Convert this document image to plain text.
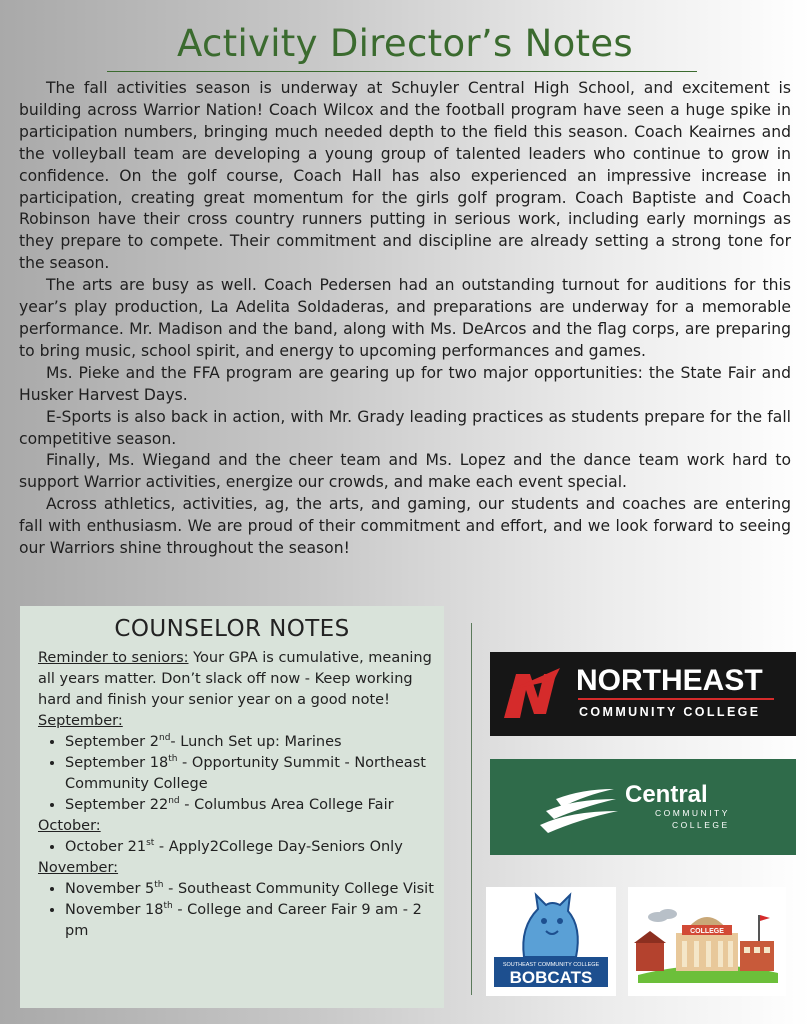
Activity Director’s Notes

The fall activities season is underway at Schuyler Central High School, and excitement is building across Warrior Nation! Coach Wilcox and the football program have seen a huge spike in participation numbers, bringing much needed depth to the field this season. Coach Keairnes and the volleyball team are developing a young group of talented leaders who continue to grow in confidence. On the golf course, Coach Hall has also experienced an impressive increase in participation, creating great momentum for the girls golf program. Coach Baptiste and Coach Robinson have their cross country runners putting in serious work, including early mornings as they prepare to compete. Their commitment and discipline are already setting a strong tone for the season.

The arts are busy as well. Coach Pedersen had an outstanding turnout for auditions for this year’s play production, La Adelita Soldaderas, and preparations are underway for a memorable performance. Mr. Madison and the band, along with Ms. DeArcos and the flag corps, are preparing to bring music, school spirit, and energy to upcoming performances and games.

Ms. Pieke and the FFA program are gearing up for two major opportunities: the State Fair and Husker Harvest Days.

E-Sports is also back in action, with Mr. Grady leading practices as students prepare for the fall competitive season.

Finally, Ms. Wiegand and the cheer team and Ms. Lopez and the dance team work hard to support Warrior activities, energize our crowds, and make each event special.

Across athletics, activities, ag, the arts, and gaming, our students and coaches are entering fall with enthusiasm. We are proud of their commitment and effort, and we look forward to seeing our Warriors shine throughout the season!

COUNSELOR NOTES

Reminder to seniors: Your GPA is cumulative, meaning all years matter. Don’t slack off now - Keep working hard and finish your senior year on a good note!

September:

• September 2nd- Lunch Set up: Marines
• September 18th - Opportunity Summit - Northeast Community College
• September 22nd - Columbus Area College Fair

October:

• October 21st - Apply2College Day-Seniors Only

November:

• November 5th - Southeast Community College Visit
• November 18th - College and Career Fair 9 am - 2 pm
NORTHEAST
COMMUNITY COLLEGE
Central
COMMUNITY
COLLEGE
SOUTHEAST COMMUNITY COLLEGE
BOBCATS
COLLEGE
